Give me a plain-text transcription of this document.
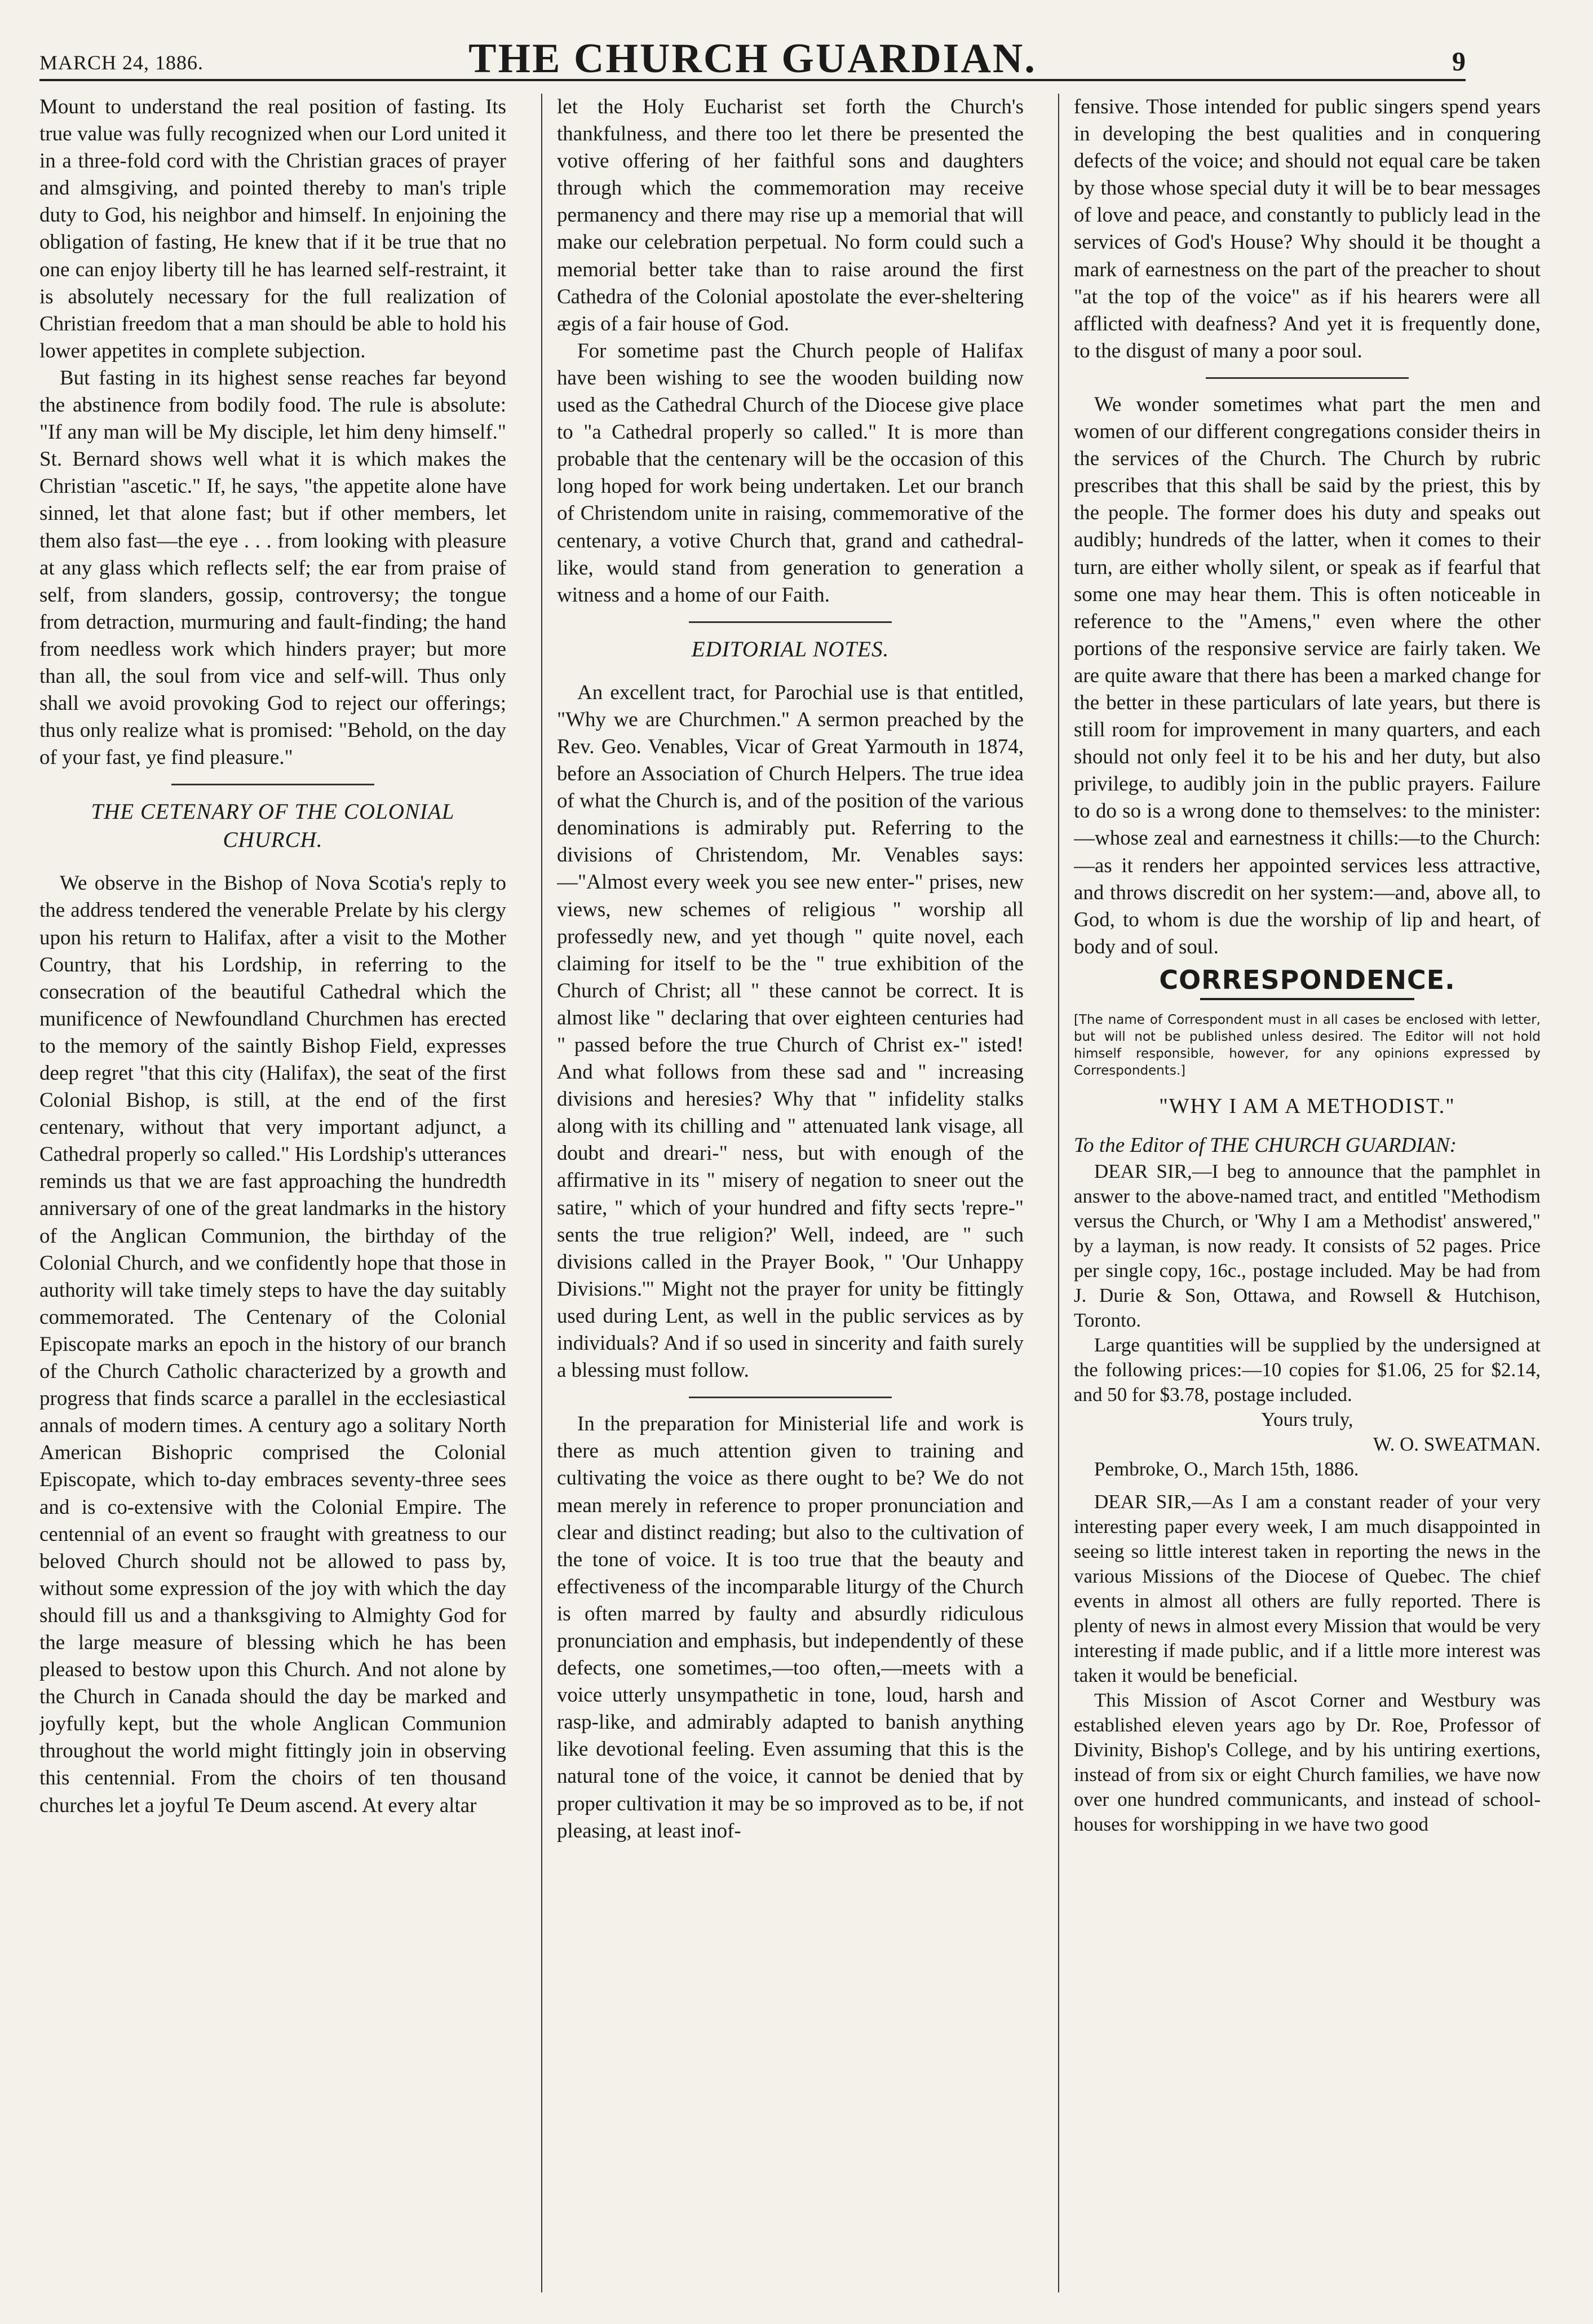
MARCH 24, 1886.	THE CHURCH GUARDIAN.	9

Mount to understand the real position of fasting. Its true value was fully recognized when our Lord united it in a three-fold cord with the Christian graces of prayer and almsgiving, and pointed thereby to man's triple duty to God, his neighbor and himself. In enjoining the obligation of fasting, He knew that if it be true that no one can enjoy liberty till he has learned self-restraint, it is absolutely necessary for the full realization of Christian freedom that a man should be able to hold his lower appetites in complete subjection.

But fasting in its highest sense reaches far beyond the abstinence from bodily food. The rule is absolute: "If any man will be My disciple, let him deny himself." St. Bernard shows well what it is which makes the Christian "ascetic." If, he says, "the appetite alone have sinned, let that alone fast; but if other members, let them also fast—the eye . . . from looking with pleasure at any glass which reflects self; the ear from praise of self, from slanders, gossip, controversy; the tongue from detraction, murmuring and fault-finding; the hand from needless work which hinders prayer; but more than all, the soul from vice and self-will. Thus only shall we avoid provoking God to reject our offerings; thus only realize what is promised: "Behold, on the day of your fast, ye find pleasure."

THE CETENARY OF THE COLONIAL CHURCH.

We observe in the Bishop of Nova Scotia's reply to the address tendered the venerable Prelate by his clergy upon his return to Halifax, after a visit to the Mother Country, that his Lordship, in referring to the consecration of the beautiful Cathedral which the munificence of Newfoundland Churchmen has erected to the memory of the saintly Bishop Field, expresses deep regret "that this city (Halifax), the seat of the first Colonial Bishop, is still, at the end of the first centenary, without that very important adjunct, a Cathedral properly so called." His Lordship's utterances reminds us that we are fast approaching the hundredth anniversary of one of the great landmarks in the history of the Anglican Communion, the birthday of the Colonial Church, and we confidently hope that those in authority will take timely steps to have the day suitably commemorated. The Centenary of the Colonial Episcopate marks an epoch in the history of our branch of the Church Catholic characterized by a growth and progress that finds scarce a parallel in the ecclesiastical annals of modern times. A century ago a solitary North American Bishopric comprised the Colonial Episcopate, which to-day embraces seventy-three sees and is co-extensive with the Colonial Empire. The centennial of an event so fraught with greatness to our beloved Church should not be allowed to pass by, without some expression of the joy with which the day should fill us and a thanksgiving to Almighty God for the large measure of blessing which he has been pleased to bestow upon this Church. And not alone by the Church in Canada should the day be marked and joyfully kept, but the whole Anglican Communion throughout the world might fittingly join in observing this centennial. From the choirs of ten thousand churches let a joyful Te Deum ascend. At every altar

let the Holy Eucharist set forth the Church's thankfulness, and there too let there be presented the votive offering of her faithful sons and daughters through which the commemoration may receive permanency and there may rise up a memorial that will make our celebration perpetual. No form could such a memorial better take than to raise around the first Cathedra of the Colonial apostolate the ever-sheltering ægis of a fair house of God.

For sometime past the Church people of Halifax have been wishing to see the wooden building now used as the Cathedral Church of the Diocese give place to "a Cathedral properly so called." It is more than probable that the centenary will be the occasion of this long hoped for work being undertaken. Let our branch of Christendom unite in raising, commemorative of the centenary, a votive Church that, grand and cathedral-like, would stand from generation to generation a witness and a home of our Faith.

EDITORIAL NOTES.

An excellent tract, for Parochial use is that entitled, "Why we are Churchmen." A sermon preached by the Rev. Geo. Venables, Vicar of Great Yarmouth in 1874, before an Association of Church Helpers. The true idea of what the Church is, and of the position of the various denominations is admirably put. Referring to the divisions of Christendom, Mr. Venables says:—"Almost every week you see new enter-" prises, new views, new schemes of religious " worship all professedly new, and yet though " quite novel, each claiming for itself to be the " true exhibition of the Church of Christ; all " these cannot be correct. It is almost like " declaring that over eighteen centuries had " passed before the true Church of Christ ex-" isted! And what follows from these sad and " increasing divisions and heresies? Why that " infidelity stalks along with its chilling and " attenuated lank visage, all doubt and dreari-" ness, but with enough of the affirmative in its " misery of negation to sneer out the satire, " which of your hundred and fifty sects 'repre-" sents the true religion?' Well, indeed, are " such divisions called in the Prayer Book, " 'Our Unhappy Divisions.'" Might not the prayer for unity be fittingly used during Lent, as well in the public services as by individuals? And if so used in sincerity and faith surely a blessing must follow.

In the preparation for Ministerial life and work is there as much attention given to training and cultivating the voice as there ought to be? We do not mean merely in reference to proper pronunciation and clear and distinct reading; but also to the cultivation of the tone of voice. It is too true that the beauty and effectiveness of the incomparable liturgy of the Church is often marred by faulty and absurdly ridiculous pronunciation and emphasis, but independently of these defects, one sometimes,—too often,—meets with a voice utterly unsympathetic in tone, loud, harsh and rasp-like, and admirably adapted to banish anything like devotional feeling. Even assuming that this is the natural tone of the voice, it cannot be denied that by proper cultivation it may be so improved as to be, if not pleasing, at least inof-

fensive. Those intended for public singers spend years in developing the best qualities and in conquering defects of the voice; and should not equal care be taken by those whose special duty it will be to bear messages of love and peace, and constantly to publicly lead in the services of God's House? Why should it be thought a mark of earnestness on the part of the preacher to shout "at the top of the voice" as if his hearers were all afflicted with deafness? And yet it is frequently done, to the disgust of many a poor soul.

We wonder sometimes what part the men and women of our different congregations consider theirs in the services of the Church. The Church by rubric prescribes that this shall be said by the priest, this by the people. The former does his duty and speaks out audibly; hundreds of the latter, when it comes to their turn, are either wholly silent, or speak as if fearful that some one may hear them. This is often noticeable in reference to the "Amens," even where the other portions of the responsive service are fairly taken. We are quite aware that there has been a marked change for the better in these particulars of late years, but there is still room for improvement in many quarters, and each should not only feel it to be his and her duty, but also privilege, to audibly join in the public prayers. Failure to do so is a wrong done to themselves: to the minister:—whose zeal and earnestness it chills:—to the Church:—as it renders her appointed services less attractive, and throws discredit on her system:—and, above all, to God, to whom is due the worship of lip and heart, of body and of soul.

CORRESPONDENCE.
[The name of Correspondent must in all cases be enclosed with letter, but will not be published unless desired. The Editor will not hold himself responsible, however, for any opinions expressed by Correspondents.]
"WHY I AM A METHODIST."

To the Editor of THE CHURCH GUARDIAN:

DEAR SIR,—I beg to announce that the pamphlet in answer to the above-named tract, and entitled "Methodism versus the Church, or 'Why I am a Methodist' answered," by a layman, is now ready. It consists of 52 pages. Price per single copy, 16c., postage included. May be had from J. Durie & Son, Ottawa, and Rowsell & Hutchison, Toronto.

Large quantities will be supplied by the undersigned at the following prices:—10 copies for $1.06, 25 for $2.14, and 50 for $3.78, postage included.

Yours truly,

W. O. SWEATMAN.

Pembroke, O., March 15th, 1886.

DEAR SIR,—As I am a constant reader of your very interesting paper every week, I am much disappointed in seeing so little interest taken in reporting the news in the various Missions of the Diocese of Quebec. The chief events in almost all others are fully reported. There is plenty of news in almost every Mission that would be very interesting if made public, and if a little more interest was taken it would be beneficial.

This Mission of Ascot Corner and Westbury was established eleven years ago by Dr. Roe, Professor of Divinity, Bishop's College, and by his untiring exertions, instead of from six or eight Church families, we have now over one hundred communicants, and instead of school-houses for worshipping in we have two good
